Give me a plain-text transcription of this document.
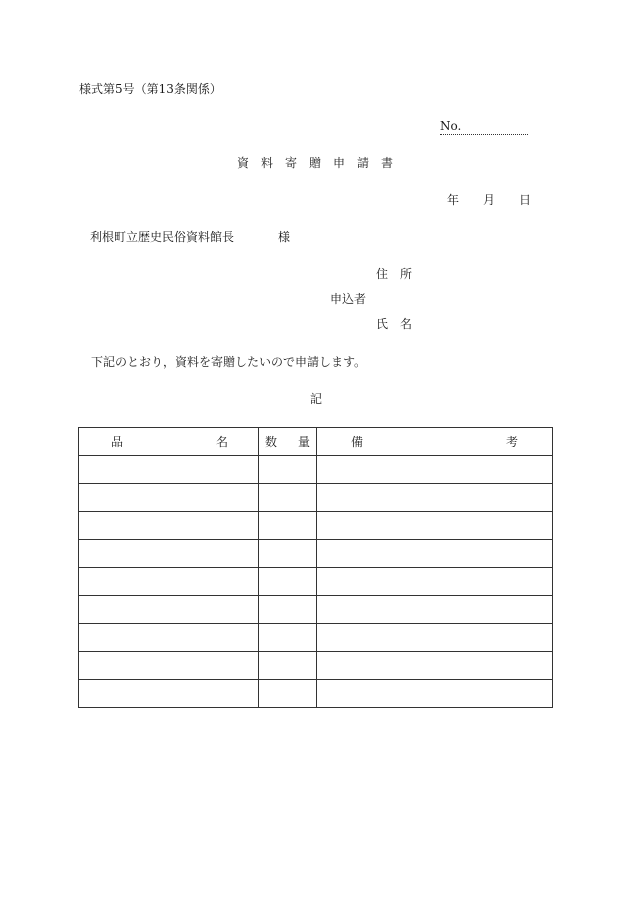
様式第5号（第13条関係）
No.
資料寄贈申請書
年 月 日
利根町立歴史民俗資料館長	様
住　所
申込者
氏　名
下記のとおり，資料を寄贈したいので申請します。
記
品 名	数 量	備 考
